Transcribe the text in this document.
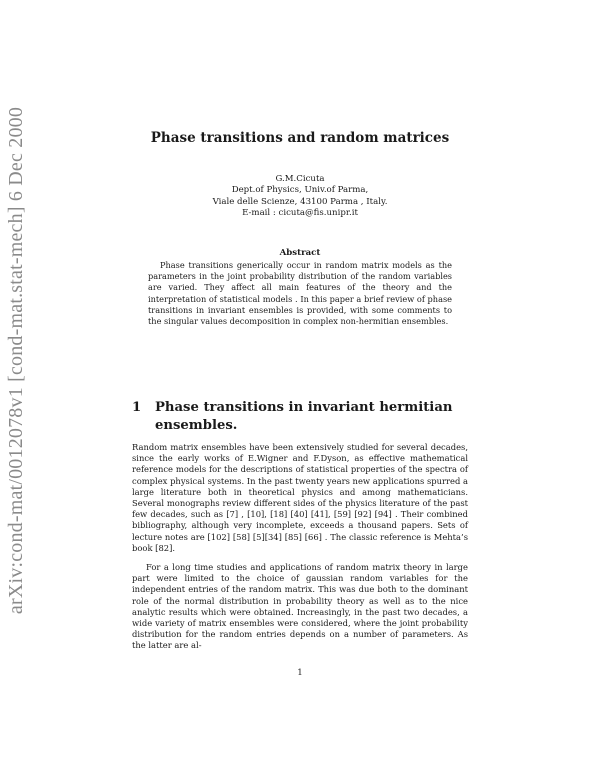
arXiv:cond-mat/0012078v1 [cond-mat.stat-mech] 6 Dec 2000	Phase transitions and random matrices
G.M.Cicuta
Dept.of Physics, Univ.of Parma,
Viale delle Scienze, 43100 Parma , Italy.
E-mail : cicuta@fis.unipr.it
Abstract
Phase transitions generically occur in random matrix models as the parameters in the joint probability distribution of the random variables are varied. They affect all main features of the theory and the interpretation of statistical models . In this paper a brief review of phase transitions in invariant ensembles is provided, with some comments to the singular values decomposition in complex non-hermitian ensembles.
1	Phase transitions in invariant hermitian ensembles.
Random matrix ensembles have been extensively studied for several decades, since the early works of E.Wigner and F.Dyson, as effective mathematical reference models for the descriptions of statistical properties of the spectra of complex physical systems. In the past twenty years new applications spurred a large literature both in theoretical physics and among mathematicians. Several monographs review different sides of the physics literature of the past few decades, such as [7] , [10], [18] [40] [41], [59] [92] [94] . Their combined bibliography, although very incomplete, exceeds a thousand papers. Sets of lecture notes are [102] [58] [5][34] [85] [66] . The classic reference is Mehta’s book [82].
For a long time studies and applications of random matrix theory in large part were limited to the choice of gaussian random variables for the independent entries of the random matrix. This was due both to the dominant role of the normal distribution in probability theory as well as to the nice analytic results which were obtained. Increasingly, in the past two decades, a wide variety of matrix ensembles were considered, where the joint probability distribution for the random entries depends on a number of parameters. As the latter are al-
1
